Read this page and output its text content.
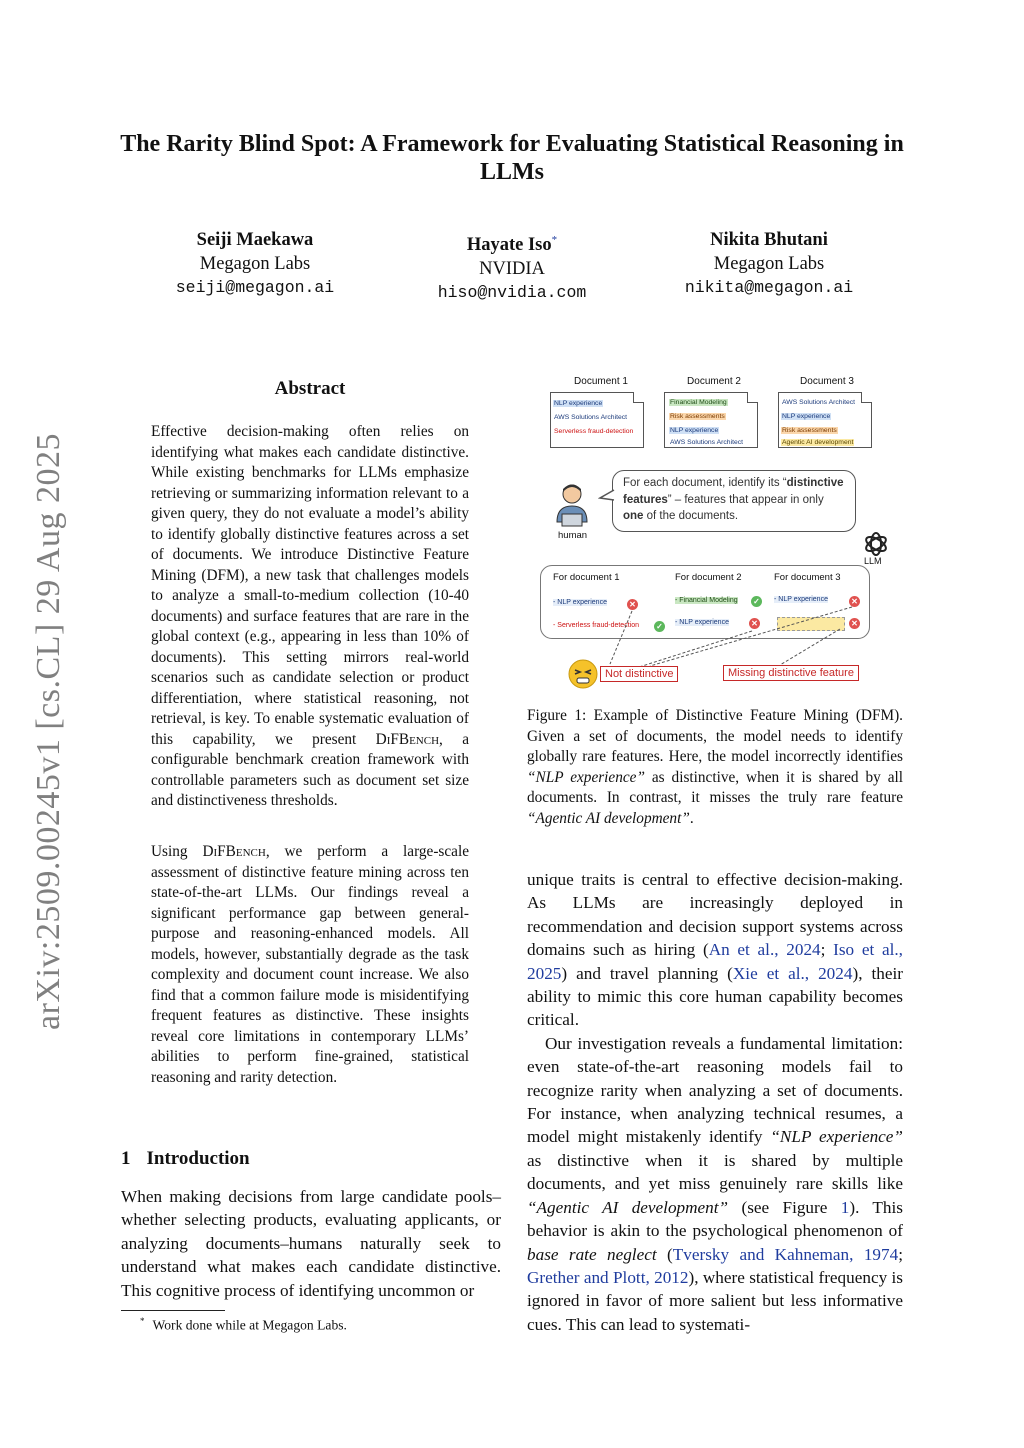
arXiv:2509.00245v1 [cs.CL] 29 Aug 2025
The Rarity Blind Spot: A Framework for Evaluating Statistical Reasoning in LLMs
Seiji Maekawa
Megagon Labs
seiji@megagon.ai
Hayate Iso*
NVIDIA
hiso@nvidia.com
Nikita Bhutani
Megagon Labs
nikita@megagon.ai
Abstract
Effective decision-making often relies on identifying what makes each candidate distinctive. While existing benchmarks for LLMs emphasize retrieving or summarizing information relevant to a given query, they do not evaluate a model’s ability to identify globally distinctive features across a set of documents. We introduce Distinctive Feature Mining (DFM), a new task that challenges models to analyze a small-to-medium collection (10-40 documents) and surface features that are rare in the global context (e.g., appearing in less than 10% of documents). This setting mirrors real-world scenarios such as candidate selection or product differentiation, where statistical reasoning, not retrieval, is key. To enable systematic evaluation of this capability, we present DiFBench, a configurable benchmark creation framework with controllable parameters such as document set size and distinctiveness thresholds.
Using DiFBench, we perform a large-scale assessment of distinctive feature mining across ten state-of-the-art LLMs. Our findings reveal a significant performance gap between general-purpose and reasoning-enhanced models. All models, however, substantially degrade as the task complexity and document count increase. We also find that a common failure mode is misidentifying frequent features as distinctive. These insights reveal core limitations in contemporary LLMs’ abilities to perform fine-grained, statistical reasoning and rarity detection.
1 Introduction
When making decisions from large candidate pools–whether selecting products, evaluating applicants, or analyzing documents–humans naturally seek to understand what makes each candidate distinctive. This cognitive process of identifying uncommon or
* Work done while at Megagon Labs.
Document 1	Document 2	Document 3
NLP experience
AWS Solutions Architect
Serverless fraud-detection
Financial Modeling
Risk assessments
NLP experience
AWS Solutions Architect
AWS Solutions Architect
NLP experience
Risk assessments
Agentic AI development
human
For each document, identify its “distinctive features” – features that appear in only one of the documents.
LLM
For document 1	For document 2	For document 3
- NLP experience	✕
- Serverless fraud-detection ✓
- Financial Modeling ✓
- NLP experience	✕
- NLP experience	✕
✕
Not distinctive	Missing distinctive feature
Figure 1: Example of Distinctive Feature Mining (DFM). Given a set of documents, the model needs to identify globally rare features. Here, the model incorrectly identifies “NLP experience” as distinctive, when it is shared by all documents. In contrast, it misses the truly rare feature “Agentic AI development”.

unique traits is central to effective decision-making. As LLMs are increasingly deployed in recommendation and decision support systems across domains such as hiring (An et al., 2024; Iso et al., 2025) and travel planning (Xie et al., 2024), their ability to mimic this core human capability becomes critical.

Our investigation reveals a fundamental limitation: even state-of-the-art reasoning models fail to recognize rarity when analyzing a set of documents. For instance, when analyzing technical resumes, a model might mistakenly identify “NLP experience” as distinctive when it is shared by multiple documents, and yet miss genuinely rare skills like “Agentic AI development” (see Figure 1). This behavior is akin to the psychological phenomenon of base rate neglect (Tversky and Kahneman, 1974; Grether and Plott, 2012), where statistical frequency is ignored in favor of more salient but less informative cues. This can lead to systemati-
